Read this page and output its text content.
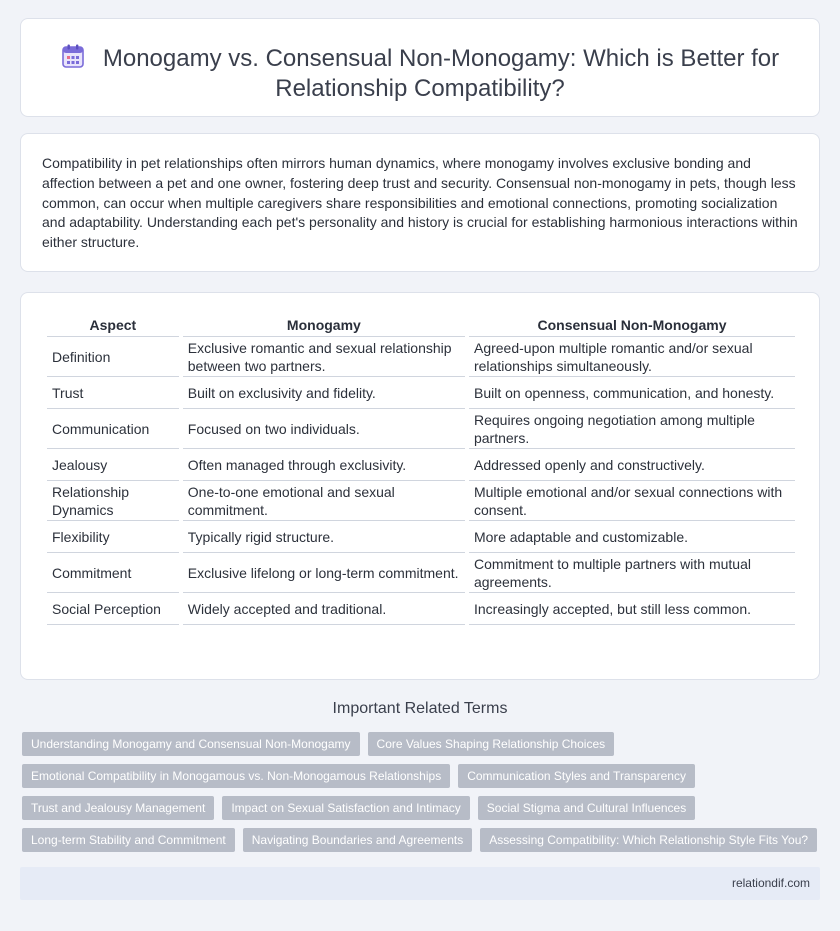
Monogamy vs. Consensual Non-Monogamy: Which is Better for
Relationship Compatibility?

Compatibility in pet relationships often mirrors human dynamics, where monogamy involves exclusive bonding and affection between a pet and one owner, fostering deep trust and security. Consensual non-monogamy in pets, though less common, can occur when multiple caregivers share responsibilities and emotional connections, promoting socialization and adaptability. Understanding each pet's personality and history is crucial for establishing harmonious interactions within either structure.

Aspect	Monogamy	Consensual Non-Monogamy
Definition	Exclusive romantic and sexual relationship between two partners.	Agreed-upon multiple romantic and/or sexual relationships simultaneously.
Trust	Built on exclusivity and fidelity.	Built on openness, communication, and honesty.
Communication	Focused on two individuals.	Requires ongoing negotiation among multiple partners.
Jealousy	Often managed through exclusivity.	Addressed openly and constructively.
Relationship Dynamics	One-to-one emotional and sexual commitment.	Multiple emotional and/or sexual connections with consent.
Flexibility	Typically rigid structure.	More adaptable and customizable.
Commitment	Exclusive lifelong or long-term commitment.	Commitment to multiple partners with mutual agreements.
Social Perception	Widely accepted and traditional.	Increasingly accepted, but still less common.
Important Related Terms
Understanding Monogamy and Consensual Non-Monogamy	Core Values Shaping Relationship Choices
Emotional Compatibility in Monogamous vs. Non-Monogamous Relationships	Communication Styles and Transparency
Trust and Jealousy Management	Impact on Sexual Satisfaction and Intimacy	Social Stigma and Cultural Influences
Long-term Stability and Commitment	Navigating Boundaries and Agreements	Assessing Compatibility: Which Relationship Style Fits You?
relationdif.com
